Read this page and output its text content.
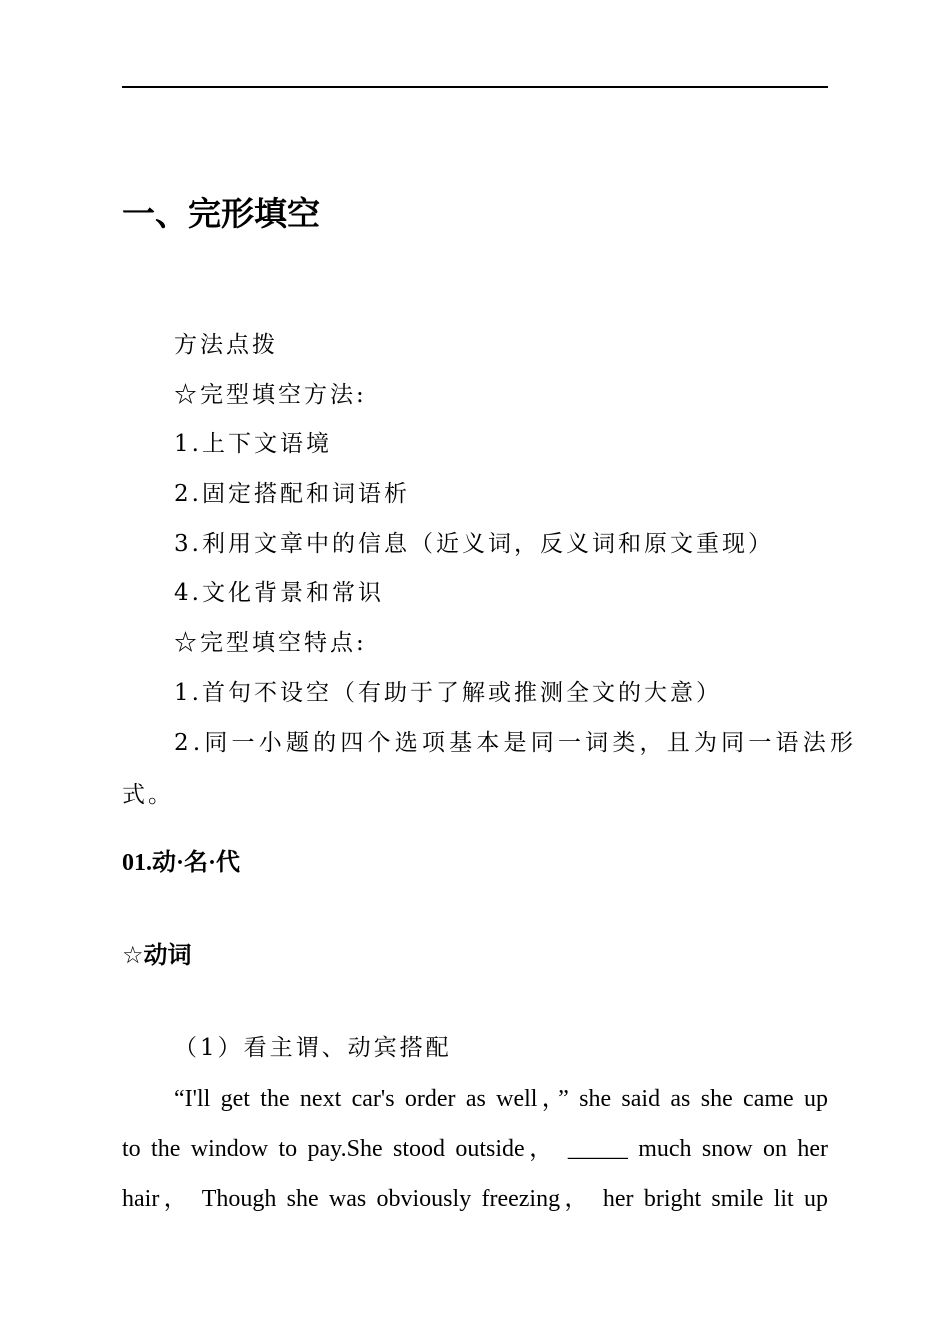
一、完形填空
方法点拨
☆完型填空方法:
1.上下文语境
2.固定搭配和词语析
3.利用文章中的信息（近义词，反义词和原文重现）
4.文化背景和常识
☆完型填空特点:
1.首句不设空（有助于了解或推测全文的大意）
2.同一小题的四个选项基本是同一词类，且为同一语法形
式。
01.动·名·代
☆动词
（1）看主谓、动宾搭配
“I'll get the next car's order as well，” she said as she came up
to the window to pay.She stood outside， _____ much snow on her
hair， Though she was obviously freezing， her bright smile lit up
